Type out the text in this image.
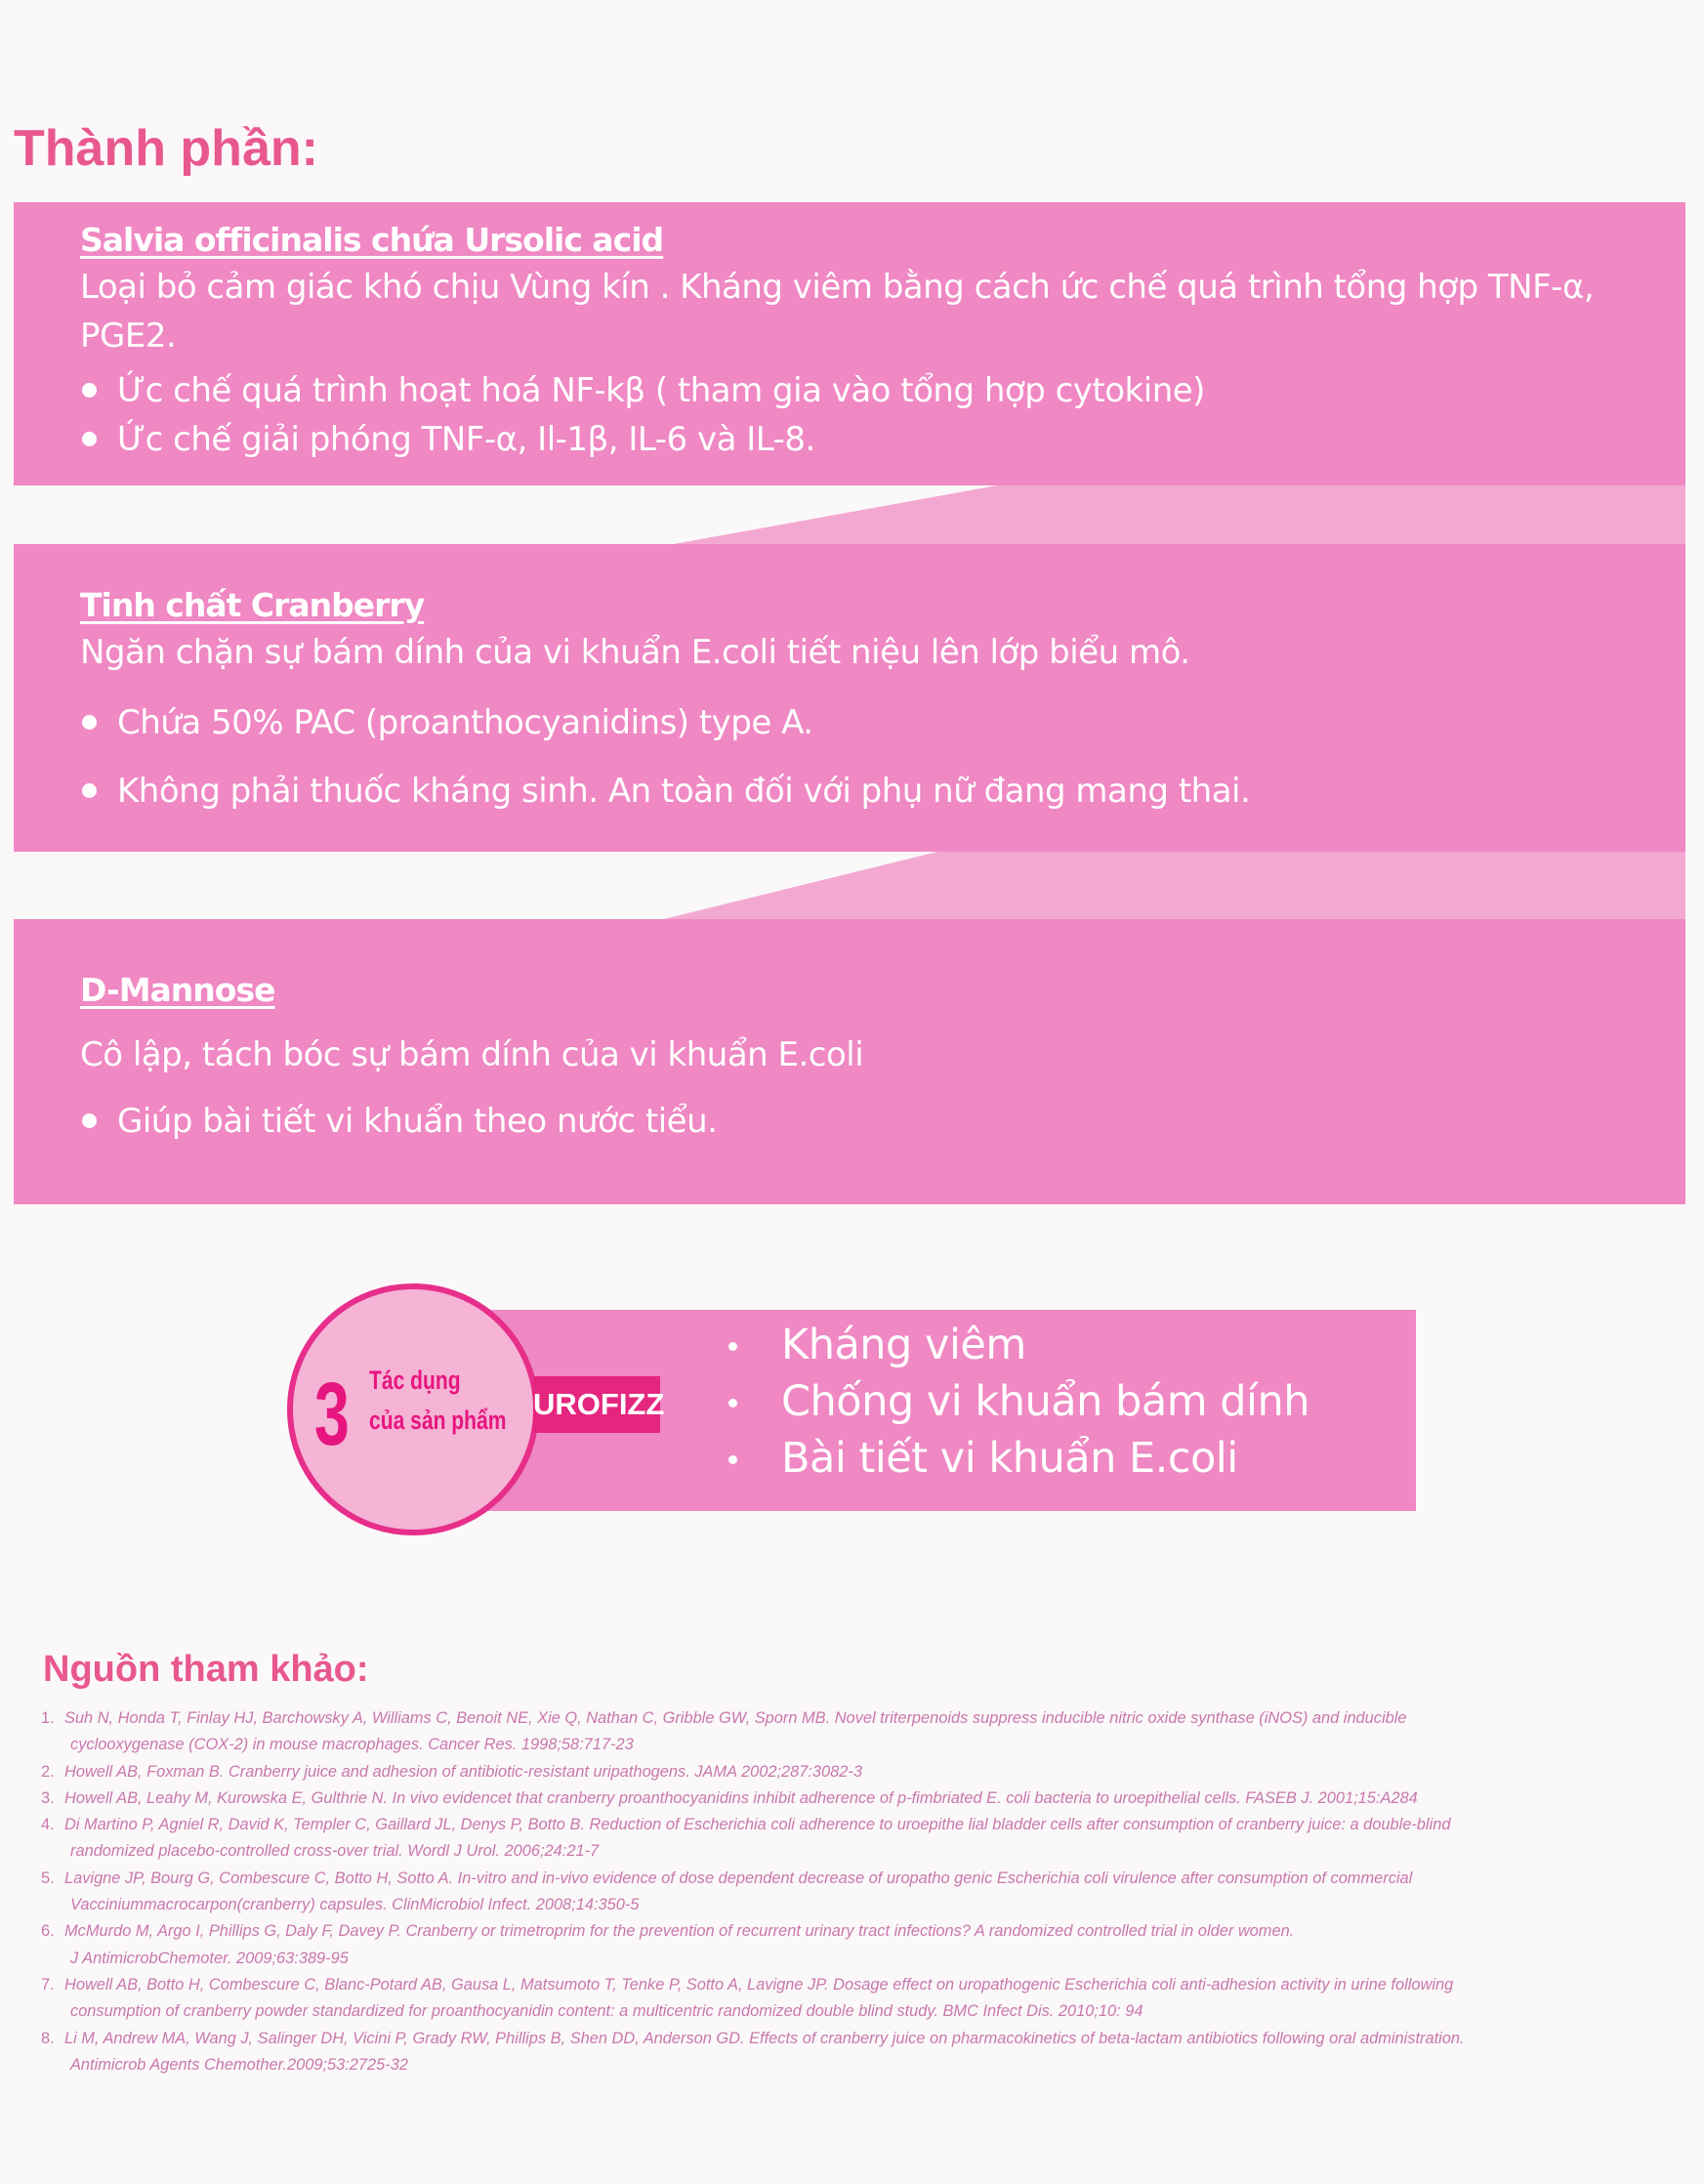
Thành phần:
Salvia officinalis chứa Ursolic acid
Loại bỏ cảm giác khó chịu Vùng kín . Kháng viêm bằng cách ức chế quá trình tổng hợp TNF-α, PGE2.
Ức chế quá trình hoạt hoá NF-kβ ( tham gia vào tổng hợp cytokine)
Ức chế giải phóng TNF-α, Il-1β, IL-6 và IL-8.
Tinh chất Cranberry
Ngăn chặn sự bám dính của vi khuẩn E.coli tiết niệu lên lớp biểu mô.
Chứa 50% PAC (proanthocyanidins) type A.
Không phải thuốc kháng sinh. An toàn đối với phụ nữ đang mang thai.
D-Mannose
Cô lập, tách bóc sự bám dính của vi khuẩn E.coli
Giúp bài tiết vi khuẩn theo nước tiểu.
3 Tác dụng
của sản phẩm UROFIZZ
Kháng viêm
Chống vi khuẩn bám dính
Bài tiết vi khuẩn E.coli
Nguồn tham khảo:
1. Suh N, Honda T, Finlay HJ, Barchowsky A, Williams C, Benoit NE, Xie Q, Nathan C, Gribble GW, Sporn MB. Novel triterpenoids suppress inducible nitric oxide synthase (iNOS) and inducible
cyclooxygenase (COX-2) in mouse macrophages. Cancer Res. 1998;58:717-23
2. Howell AB, Foxman B. Cranberry juice and adhesion of antibiotic-resistant uripathogens. JAMA 2002;287:3082-3
3. Howell AB, Leahy M, Kurowska E, Gulthrie N. In vivo evidencet that cranberry proanthocyanidins inhibit adherence of p-fimbriated E. coli bacteria to uroepithelial cells. FASEB J. 2001;15:A284
4. Di Martino P, Agniel R, David K, Templer C, Gaillard JL, Denys P, Botto B. Reduction of Escherichia coli adherence to uroepithe lial bladder cells after consumption of cranberry juice: a double-blind
randomized placebo-controlled cross-over trial. Wordl J Urol. 2006;24:21-7
5. Lavigne JP, Bourg G, Combescure C, Botto H, Sotto A. In-vitro and in-vivo evidence of dose dependent decrease of uropatho genic Escherichia coli virulence after consumption of commercial
Vacciniummacrocarpon(cranberry) capsules. ClinMicrobiol Infect. 2008;14:350-5
6. McMurdo M, Argo I, Phillips G, Daly F, Davey P. Cranberry or trimetroprim for the prevention of recurrent urinary tract infections? A randomized controlled trial in older women.
J AntimicrobChemoter. 2009;63:389-95
7. Howell AB, Botto H, Combescure C, Blanc-Potard AB, Gausa L, Matsumoto T, Tenke P, Sotto A, Lavigne JP. Dosage effect on uropathogenic Escherichia coli anti-adhesion activity in urine following
consumption of cranberry powder standardized for proanthocyanidin content: a multicentric randomized double blind study. BMC Infect Dis. 2010;10: 94
8. Li M, Andrew MA, Wang J, Salinger DH, Vicini P, Grady RW, Phillips B, Shen DD, Anderson GD. Effects of cranberry juice on pharmacokinetics of beta-lactam antibiotics following oral administration.
Antimicrob Agents Chemother.2009;53:2725-32
